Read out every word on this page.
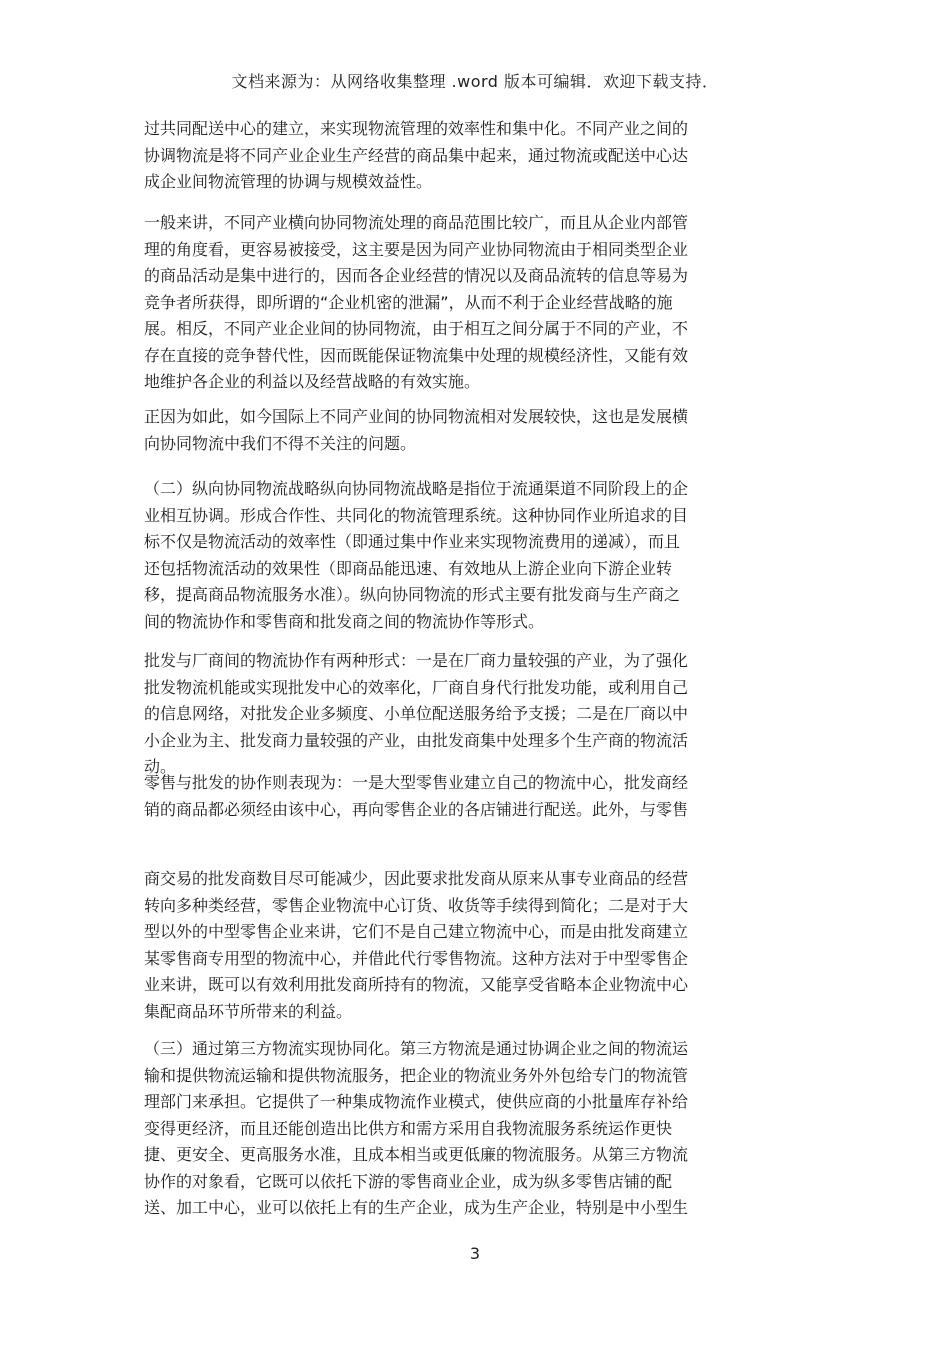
文档来源为：从网络收集整理 .word 版本可编辑．欢迎下载支持．
过共同配送中心的建立，来实现物流管理的效率性和集中化。不同产业之间的
协调物流是将不同产业企业生产经营的商品集中起来，通过物流或配送中心达
成企业间物流管理的协调与规模效益性。
一般来讲，不同产业横向协同物流处理的商品范围比较广，而且从企业内部管
理的角度看，更容易被接受，这主要是因为同产业协同物流由于相同类型企业
的商品活动是集中进行的，因而各企业经营的情况以及商品流转的信息等易为
竞争者所获得，即所谓的“企业机密的泄漏”，从而不利于企业经营战略的施
展。相反，不同产业企业间的协同物流，由于相互之间分属于不同的产业，不
存在直接的竞争替代性，因而既能保证物流集中处理的规模经济性，又能有效
地维护各企业的利益以及经营战略的有效实施。
正因为如此，如今国际上不同产业间的协同物流相对发展较快，这也是发展横
向协同物流中我们不得不关注的问题。
（二）纵向协同物流战略纵向协同物流战略是指位于流通渠道不同阶段上的企
业相互协调。形成合作性、共同化的物流管理系统。这种协同作业所追求的目
标不仅是物流活动的效率性（即通过集中作业来实现物流费用的递减），而且
还包括物流活动的效果性（即商品能迅速、有效地从上游企业向下游企业转
移，提高商品物流服务水准）。纵向协同物流的形式主要有批发商与生产商之
间的物流协作和零售商和批发商之间的物流协作等形式。
批发与厂商间的物流协作有两种形式：一是在厂商力量较强的产业，为了强化
批发物流机能或实现批发中心的效率化，厂商自身代行批发功能，或利用自己
的信息网络，对批发企业多频度、小单位配送服务给予支援；二是在厂商以中
小企业为主、批发商力量较强的产业，由批发商集中处理多个生产商的物流活
动。
零售与批发的协作则表现为：一是大型零售业建立自己的物流中心，批发商经
销的商品都必须经由该中心，再向零售企业的各店铺进行配送。此外，与零售
商交易的批发商数目尽可能减少，因此要求批发商从原来从事专业商品的经营
转向多种类经营，零售企业物流中心订货、收货等手续得到简化；二是对于大
型以外的中型零售企业来讲，它们不是自己建立物流中心，而是由批发商建立
某零售商专用型的物流中心，并借此代行零售物流。这种方法对于中型零售企
业来讲，既可以有效利用批发商所持有的物流，又能享受省略本企业物流中心
集配商品环节所带来的利益。
（三）通过第三方物流实现协同化。第三方物流是通过协调企业之间的物流运
输和提供物流运输和提供物流服务，把企业的物流业务外外包给专门的物流管
理部门来承担。它提供了一种集成物流作业模式，使供应商的小批量库存补给
变得更经济，而且还能创造出比供方和需方采用自我物流服务系统运作更快
捷、更安全、更高服务水准，且成本相当或更低廉的物流服务。从第三方物流
协作的对象看，它既可以依托下游的零售商业企业，成为纵多零售店铺的配
送、加工中心，业可以依托上有的生产企业，成为生产企业，特别是中小型生
3
